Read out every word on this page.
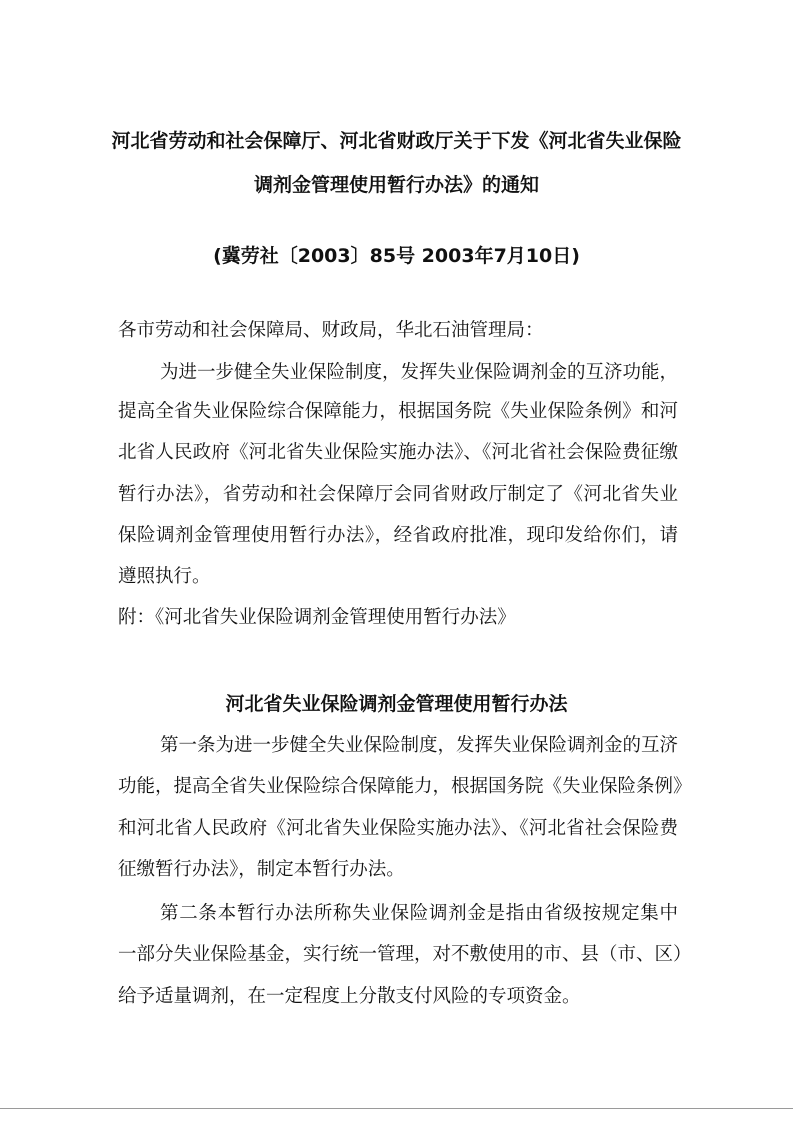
河北省劳动和社会保障厅、河北省财政厅关于下发《河北省失业保险
调剂金管理使用暂行办法》的通知
(冀劳社〔2003〕85号 2003年7月10日)
各市劳动和社会保障局、财政局，华北石油管理局：
为进一步健全失业保险制度，发挥失业保险调剂金的互济功能，
提高全省失业保险综合保障能力，根据国务院《失业保险条例》和河
北省人民政府《河北省失业保险实施办法》、《河北省社会保险费征缴
暂行办法》，省劳动和社会保障厅会同省财政厅制定了《河北省失业
保险调剂金管理使用暂行办法》，经省政府批准，现印发给你们，请
遵照执行。
附：《河北省失业保险调剂金管理使用暂行办法》
河北省失业保险调剂金管理使用暂行办法
第一条为进一步健全失业保险制度，发挥失业保险调剂金的互济
功能，提高全省失业保险综合保障能力，根据国务院《失业保险条例》
和河北省人民政府《河北省失业保险实施办法》、《河北省社会保险费
征缴暂行办法》，制定本暂行办法。
第二条本暂行办法所称失业保险调剂金是指由省级按规定集中
一部分失业保险基金，实行统一管理，对不敷使用的市、县（市、区）
给予适量调剂，在一定程度上分散支付风险的专项资金。
